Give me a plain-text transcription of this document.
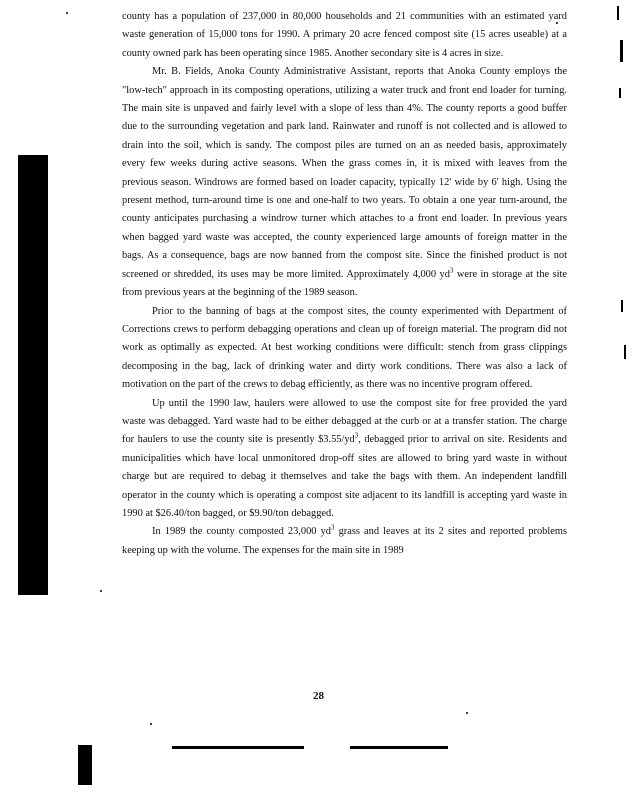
county has a population of 237,000 in 80,000 households and 21 communities with an estimated yard waste generation of 15,000 tons for 1990. A primary 20 acre fenced compost site (15 acres useable) at a county owned park has been operating since 1985. Another secondary site is 4 acres in size.

Mr. B. Fields, Anoka County Administrative Assistant, reports that Anoka County employs the "low-tech" approach in its composting operations, utilizing a water truck and front end loader for turning. The main site is unpaved and fairly level with a slope of less than 4%. The county reports a good buffer due to the surrounding vegetation and park land. Rainwater and runoff is not collected and is allowed to drain into the soil, which is sandy. The compost piles are turned on an as needed basis, approximately every few weeks during active seasons. When the grass comes in, it is mixed with leaves from the previous season. Windrows are formed based on loader capacity, typically 12' wide by 6' high. Using the present method, turn-around time is one and one-half to two years. To obtain a one year turn-around, the county anticipates purchasing a windrow turner which attaches to a front end loader. In previous years when bagged yard waste was accepted, the county experienced large amounts of foreign matter in the bags. As a consequence, bags are now banned from the compost site. Since the finished product is not screened or shredded, its uses may be more limited. Approximately 4,000 $yd^3$ were in storage at the site from previous years at the beginning of the 1989 season.

Prior to the banning of bags at the compost sites, the county experimented with Department of Corrections crews to perform debagging operations and clean up of foreign material. The program did not work as optimally as expected. At best working conditions were difficult: stench from grass clippings decomposing in the bag, lack of drinking water and dirty work conditions. There was also a lack of motivation on the part of the crews to debag efficiently, as there was no incentive program offered.

Up until the 1990 law, haulers were allowed to use the compost site for free provided the yard waste was debagged. Yard waste had to be either debagged at the curb or at a transfer station. The charge for haulers to use the county site is presently $\$3.55/yd^3$, debagged prior to arrival on site. Residents and municipalities which have local unmonitored drop-off sites are allowed to bring yard waste in without charge but are required to debag it themselves and take the bags with them. An independent landfill operator in the county which is operating a compost site adjacent to its landfill is accepting yard waste in 1990 at $26.40/ton bagged, or $9.90/ton debagged.

In 1989 the county composted 23,000 $yd^3$ grass and leaves at its 2 sites and reported problems keeping up with the volume. The expenses for the main site in 1989

28
